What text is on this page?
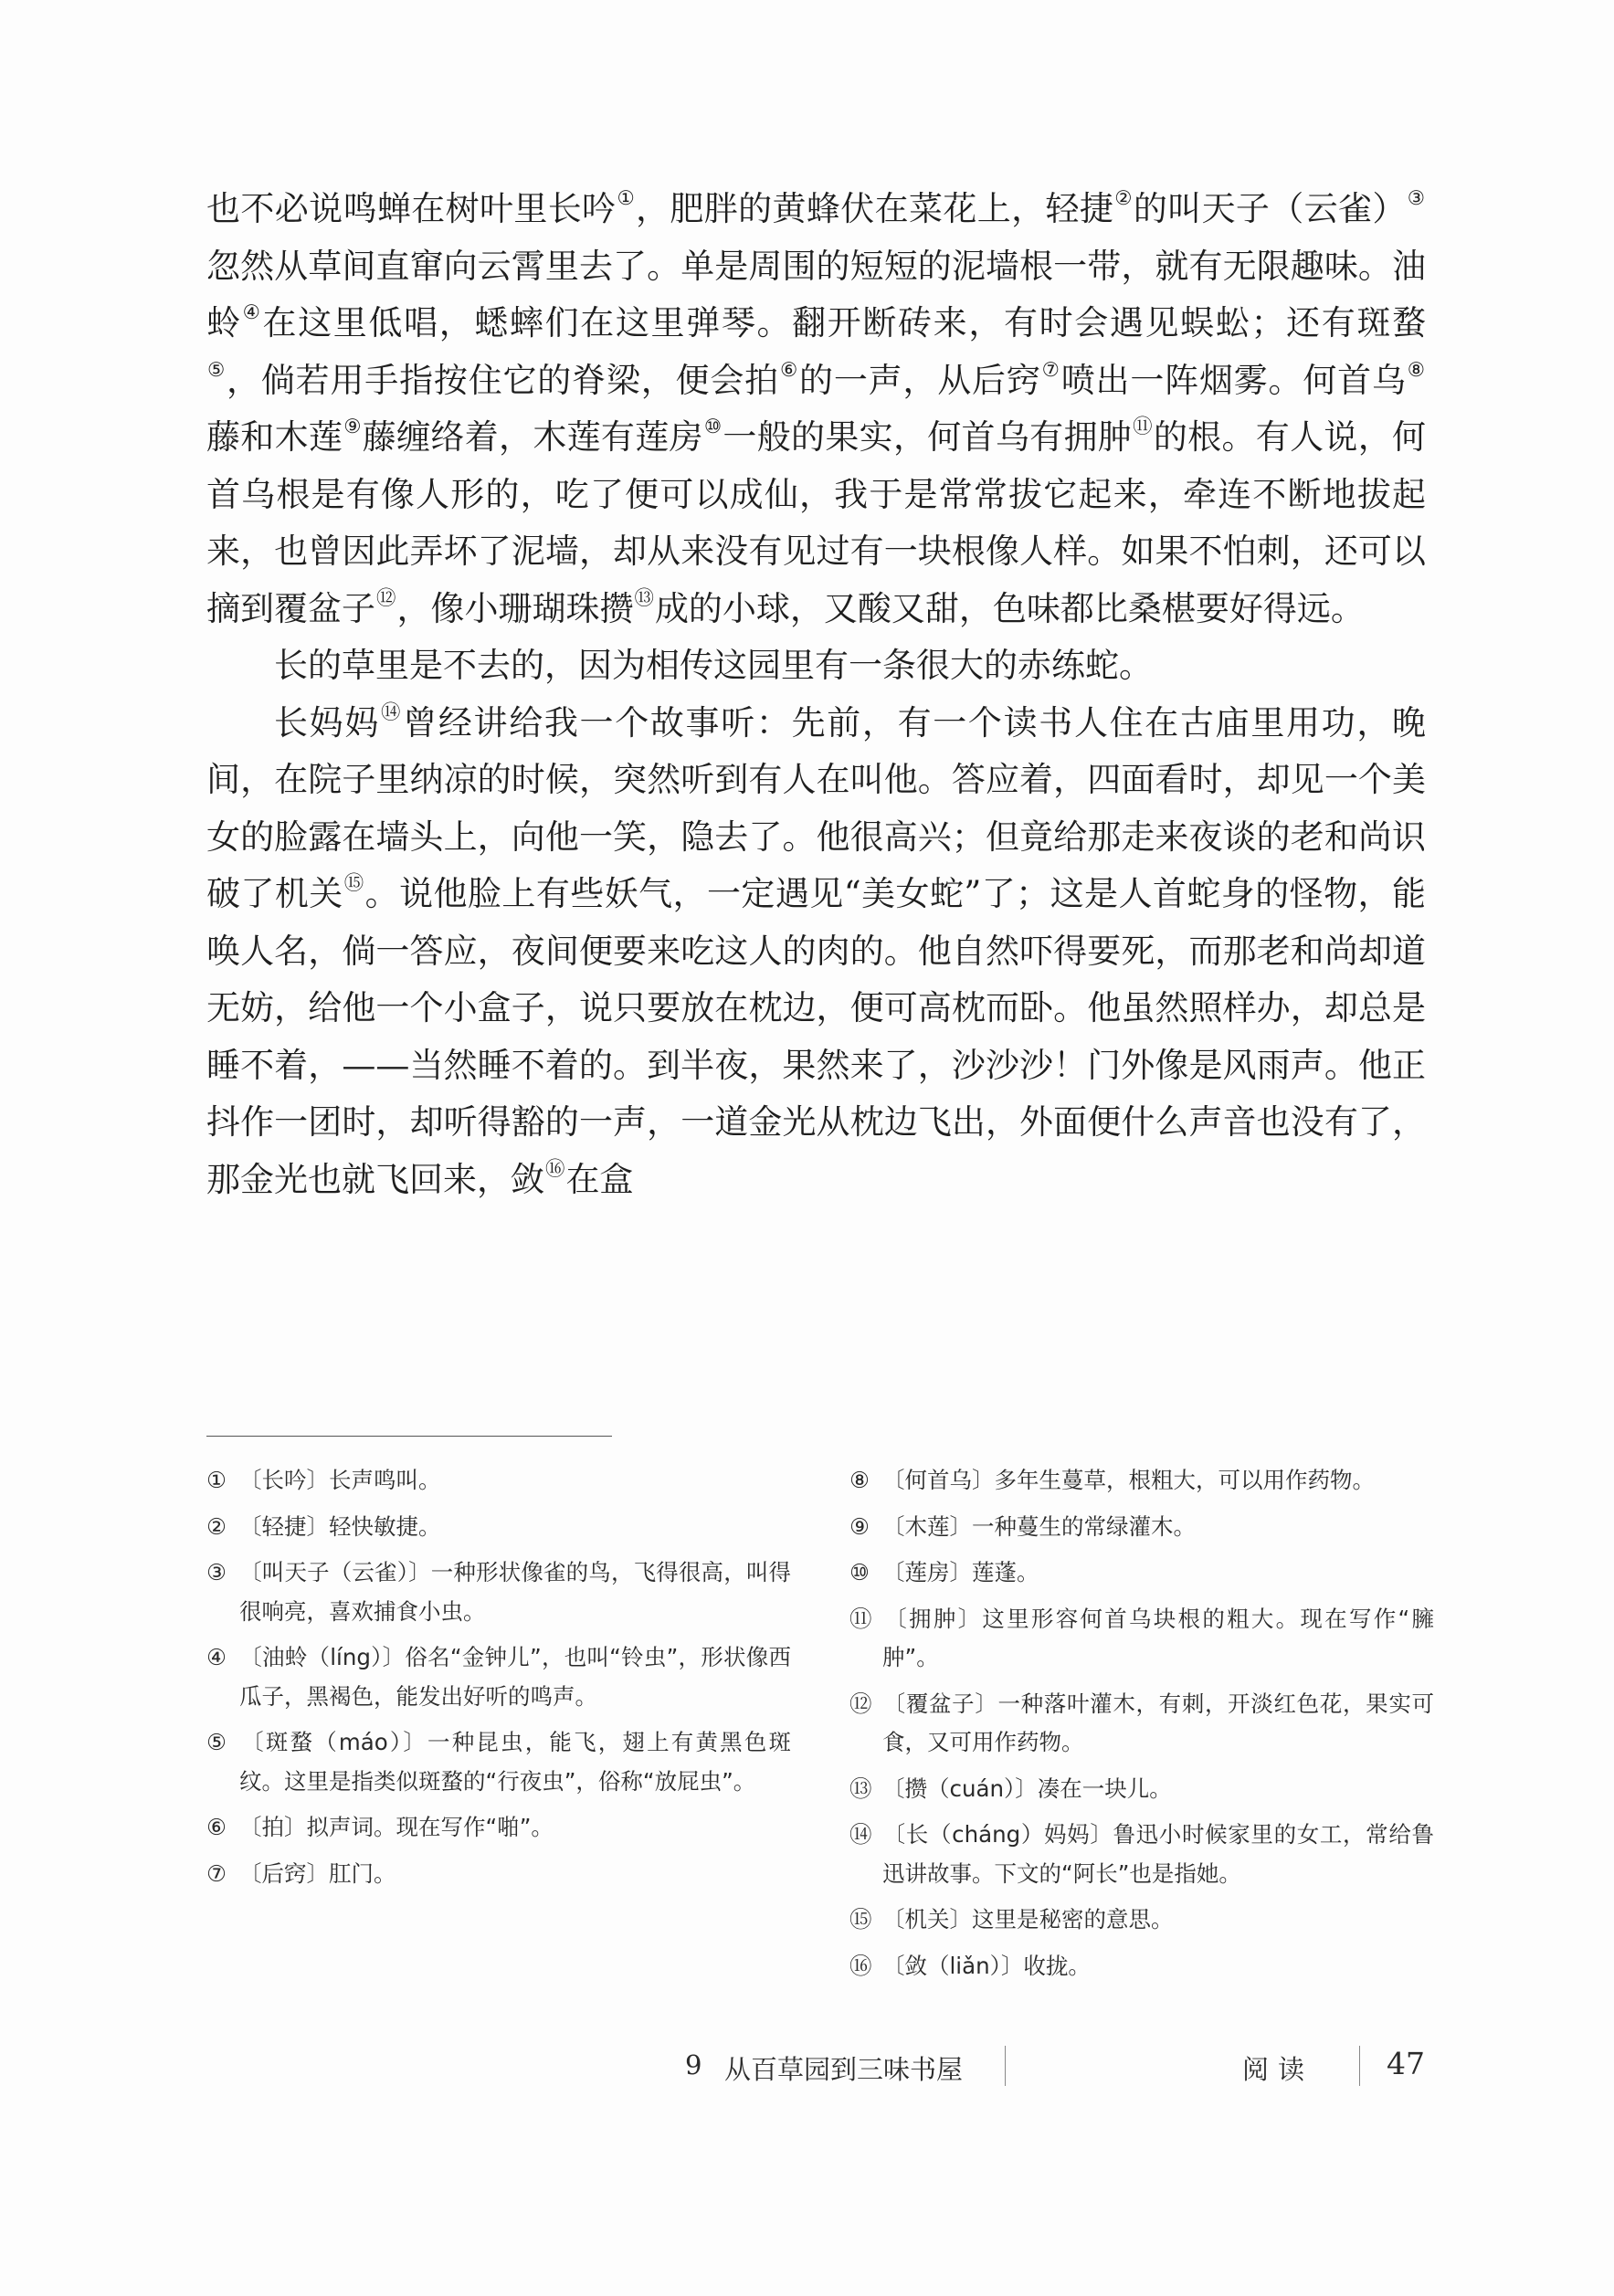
也不必说鸣蝉在树叶里长吟①，肥胖的黄蜂伏在菜花上，轻捷②的叫天子（云雀）③忽然从草间直窜向云霄里去了。单是周围的短短的泥墙根一带，就有无限趣味。油蛉④在这里低唱，蟋蟀们在这里弹琴。翻开断砖来，有时会遇见蜈蚣；还有斑蝥⑤，倘若用手指按住它的脊梁，便会拍⑥的一声，从后窍⑦喷出一阵烟雾。何首乌⑧藤和木莲⑨藤缠络着，木莲有莲房⑩一般的果实，何首乌有拥肿⑪的根。有人说，何首乌根是有像人形的，吃了便可以成仙，我于是常常拔它起来，牵连不断地拔起来，也曾因此弄坏了泥墙，却从来没有见过有一块根像人样。如果不怕刺，还可以摘到覆盆子⑫，像小珊瑚珠攒⑬成的小球，又酸又甜，色味都比桑椹要好得远。

长的草里是不去的，因为相传这园里有一条很大的赤练蛇。

长妈妈⑭曾经讲给我一个故事听：先前，有一个读书人住在古庙里用功，晚间，在院子里纳凉的时候，突然听到有人在叫他。答应着，四面看时，却见一个美女的脸露在墙头上，向他一笑，隐去了。他很高兴；但竟给那走来夜谈的老和尚识破了机关⑮。说他脸上有些妖气，一定遇见“美女蛇”了；这是人首蛇身的怪物，能唤人名，倘一答应，夜间便要来吃这人的肉的。他自然吓得要死，而那老和尚却道无妨，给他一个小盒子，说只要放在枕边，便可高枕而卧。他虽然照样办，却总是睡不着，——当然睡不着的。到半夜，果然来了，沙沙沙！门外像是风雨声。他正抖作一团时，却听得豁的一声，一道金光从枕边飞出，外面便什么声音也没有了，那金光也就飞回来，敛⑯在盒

① 〔长吟〕长声鸣叫。
② 〔轻捷〕轻快敏捷。
③ 〔叫天子（云雀）〕一种形状像雀的鸟，飞得很高，叫得很响亮，喜欢捕食小虫。
④ 〔油蛉（líng）〕俗名“金钟儿”，也叫“铃虫”，形状像西瓜子，黑褐色，能发出好听的鸣声。
⑤ 〔斑蝥（máo）〕一种昆虫，能飞，翅上有黄黑色斑纹。这里是指类似斑蝥的“行夜虫”，俗称“放屁虫”。
⑥ 〔拍〕拟声词。现在写作“啪”。
⑦ 〔后窍〕肛门。
⑧ 〔何首乌〕多年生蔓草，根粗大，可以用作药物。
⑨ 〔木莲〕一种蔓生的常绿灌木。
⑩ 〔莲房〕莲蓬。
⑪ 〔拥肿〕这里形容何首乌块根的粗大。现在写作“臃肿”。
⑫ 〔覆盆子〕一种落叶灌木，有刺，开淡红色花，果实可食，又可用作药物。
⑬ 〔攒（cuán）〕凑在一块儿。
⑭ 〔长（cháng）妈妈〕鲁迅小时候家里的女工，常给鲁迅讲故事。下文的“阿长”也是指她。
⑮ 〔机关〕这里是秘密的意思。
⑯ 〔敛（liǎn）〕收拢。
9 从百草园到三味书屋	阅读 47
